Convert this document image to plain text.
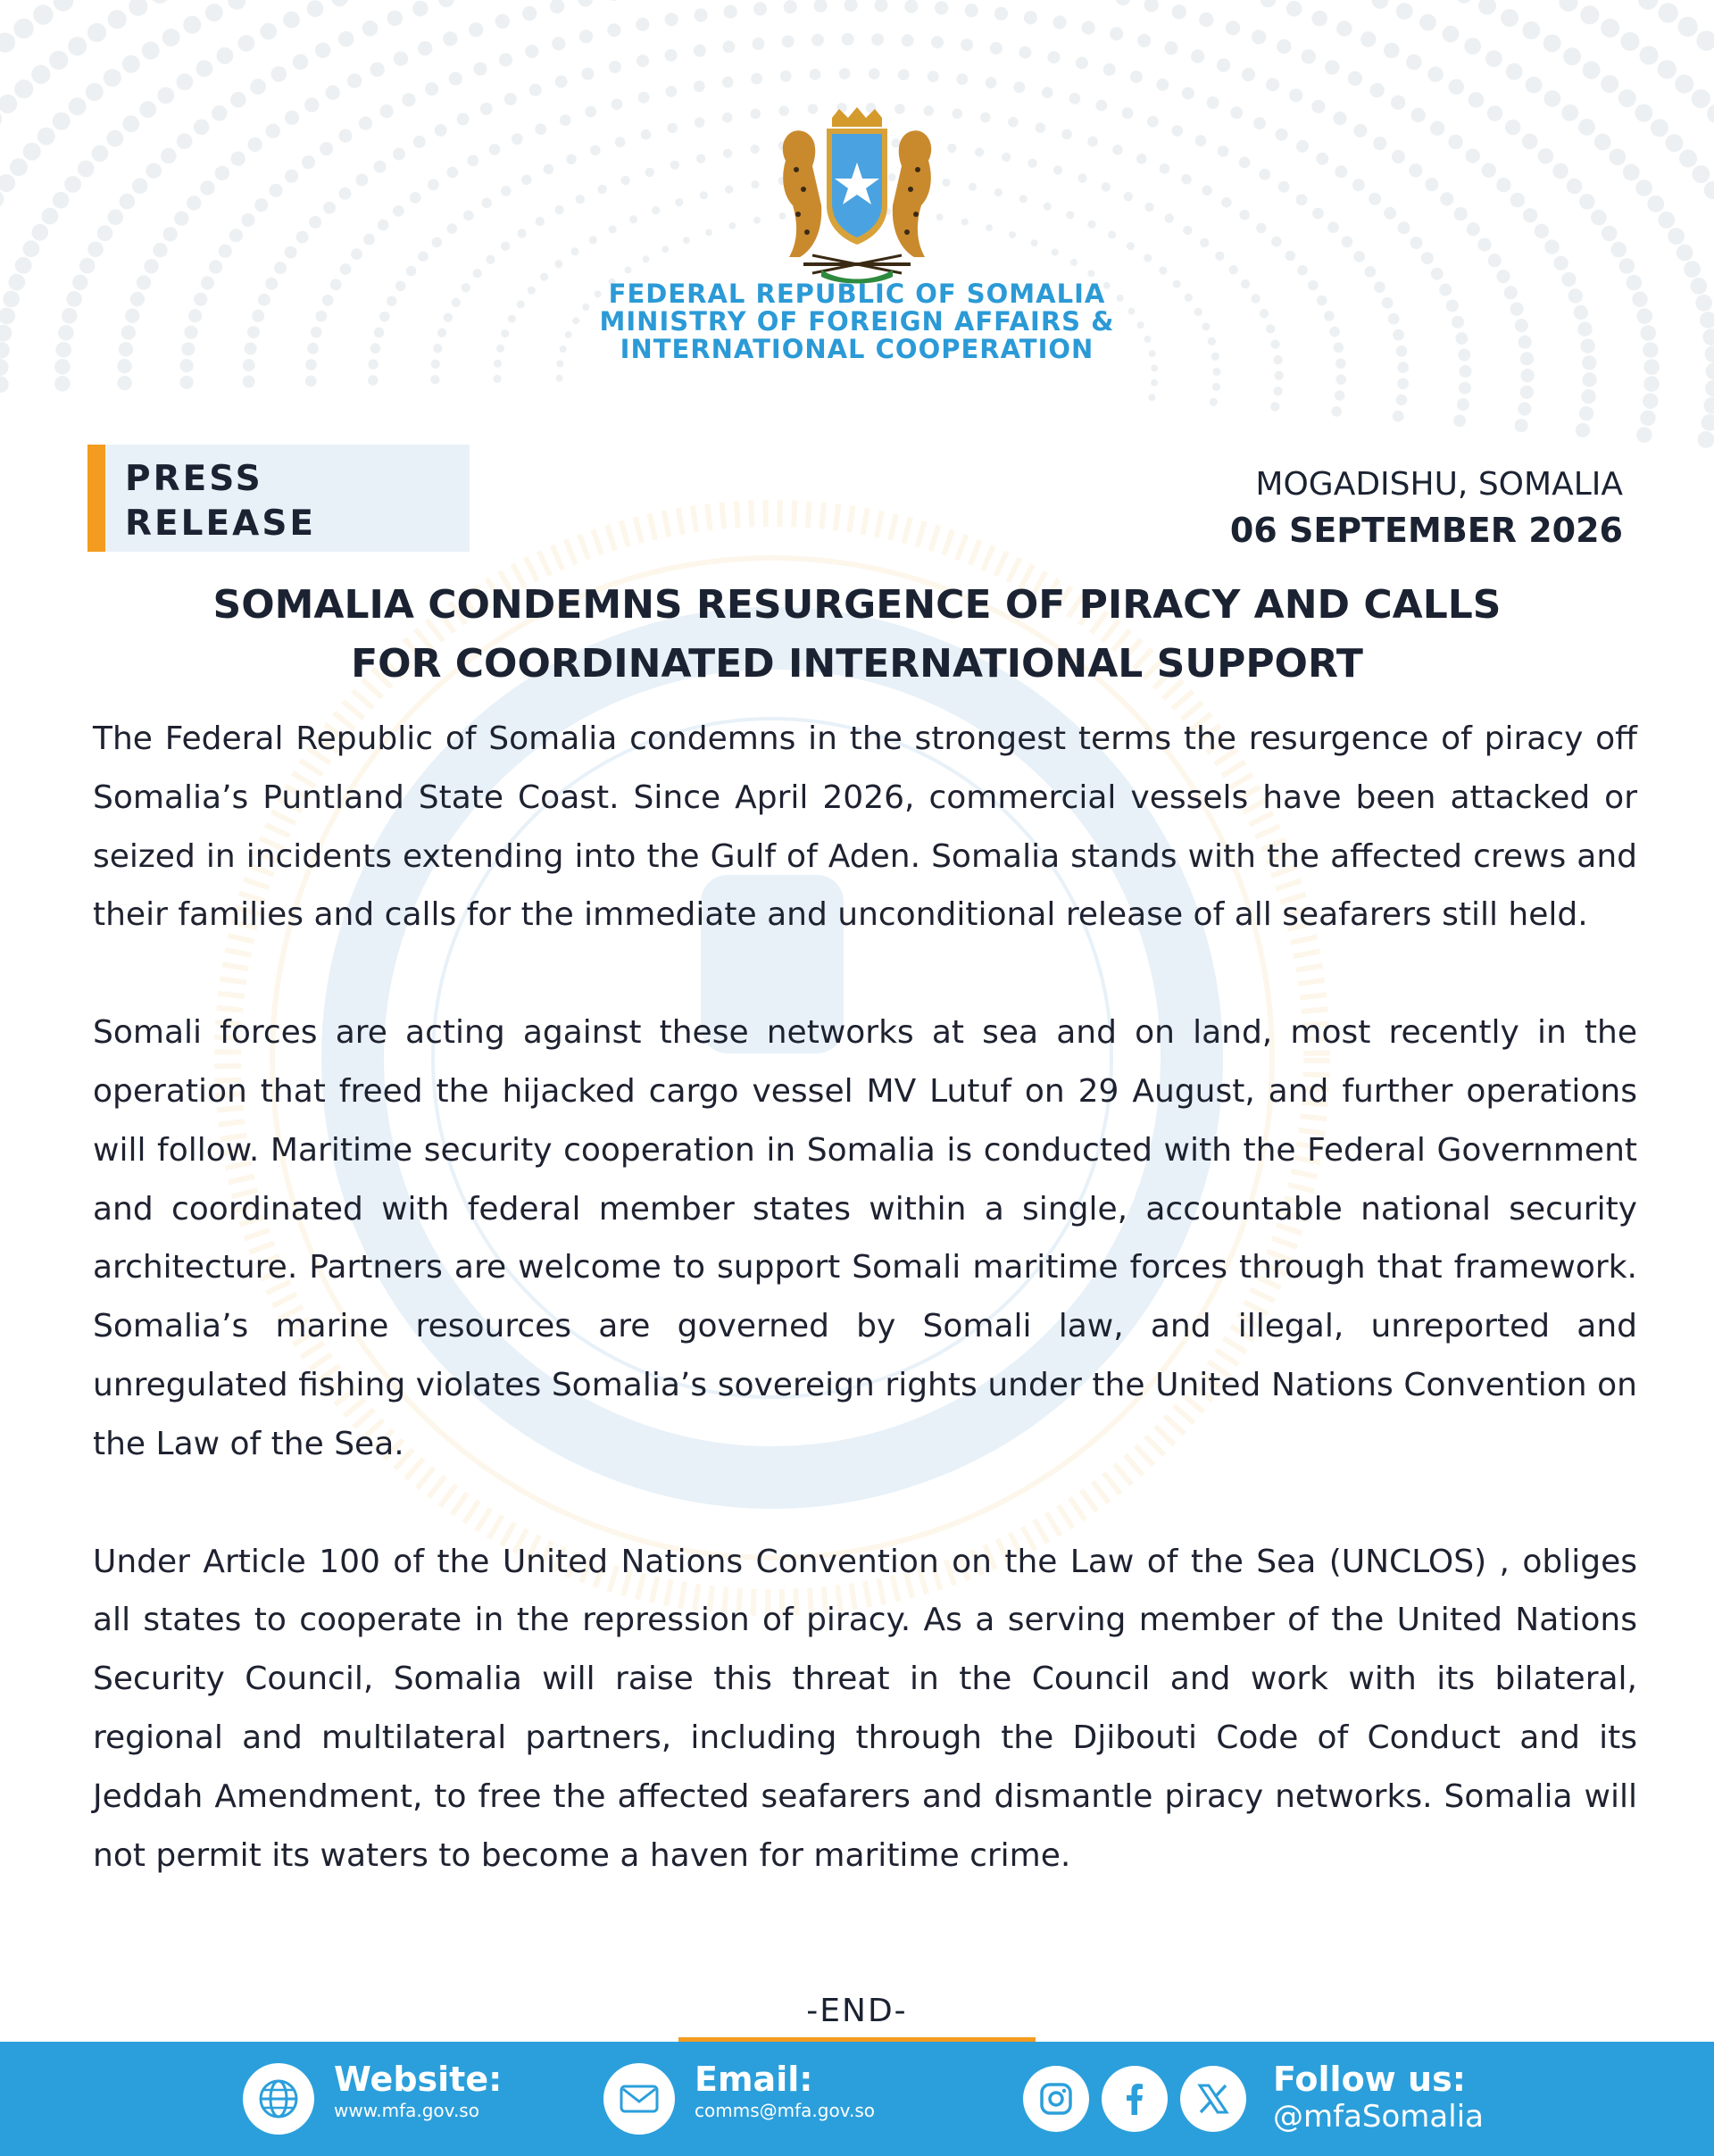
FEDERAL REPUBLIC OF SOMALIA
MINISTRY OF FOREIGN AFFAIRS &
INTERNATIONAL COOPERATION
PRESS
RELEASE
MOGADISHU, SOMALIA
06 SEPTEMBER 2026
SOMALIA CONDEMNS RESURGENCE OF PIRACY AND CALLS
FOR COORDINATED INTERNATIONAL SUPPORT

The Federal Republic of Somalia condemns in the strongest terms the resurgence of piracy off Somalia’s Puntland State Coast. Since April 2026, commercial vessels have been attacked or seized in incidents extending into the Gulf of Aden. Somalia stands with the affected crews and their families and calls for the immediate and unconditional release of all seafarers still held.

Somali forces are acting against these networks at sea and on land, most recently in the operation that freed the hijacked cargo vessel MV Lutuf on 29 August, and further operations will follow. Maritime security cooperation in Somalia is conducted with the Federal Government and coordinated with federal member states within a single, accountable national security architecture. Partners are welcome to support Somali maritime forces through that framework. Somalia’s marine resources are governed by Somali law, and illegal, unreported and unregulated fishing violates Somalia’s sovereign rights under the United Nations Convention on the Law of the Sea.

Under Article 100 of the United Nations Convention on the Law of the Sea (UNCLOS) , obliges all states to cooperate in the repression of piracy. As a serving member of the United Nations Security Council, Somalia will raise this threat in the Council and work with its bilateral, regional and multilateral partners, including through the Djibouti Code of Conduct and its Jeddah Amendment, to free the affected seafarers and dismantle piracy networks. Somalia will not permit its waters to become a haven for maritime crime.

-END-
Website:
www.mfa.gov.so
Email:
comms@mfa.gov.so
Follow us:
@mfaSomalia
